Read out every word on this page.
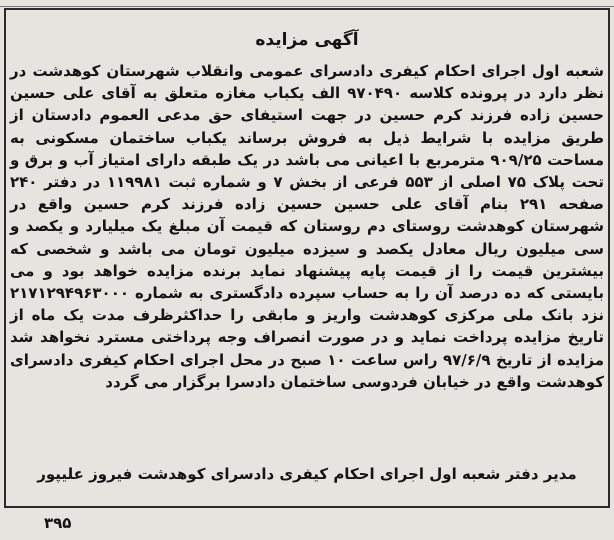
آگهی مزایده

شعبه اول اجرای احکام کیفری دادسرای عمومی وانقلاب شهرستان کوهدشت در نظر دارد در پرونده کلاسه ۹۷۰۴۹۰ الف یکباب مغازه متعلق به آقای علی حسین حسین زاده فرزند کرم حسین در جهت استیفای حق مدعی العموم دادستان از طریق مزایده با شرایط ذیل به فروش برساند یکباب ساختمان مسکونی به مساحت ۹۰۹/۲۵ مترمربع با اعیانی می باشد در یک طبقه دارای امتیاز آب و برق و تحت پلاک ۷۵ اصلی از ۵۵۳ فرعی از بخش ۷ و شماره ثبت ۱۱۹۹۸۱ در دفتر ۲۴۰ صفحه ۲۹۱ بنام آقای علی حسین حسین زاده فرزند کرم حسین واقع در شهرستان کوهدشت روستای دم روستان که قیمت آن مبلغ یک میلیارد و یکصد و سی میلیون ریال معادل یکصد و سیزده میلیون تومان می باشد و شخصی که بیشترین قیمت را از قیمت پایه پیشنهاد نماید برنده مزایده خواهد بود و می بایستی که ده درصد آن را به حساب سپرده دادگستری به شماره ۲۱۷۱۲۹۴۹۶۳۰۰۰ نزد بانک ملی مرکزی کوهدشت واریز و مابقی را حداکثرظرف مدت یک ماه از تاریخ مزایده پرداخت نماید و در صورت انصراف وجه پرداختی مسترد نخواهد شد مزایده از تاریخ ۹۷/۶/۹ راس ساعت ۱۰ صبح در محل اجرای احکام کیفری دادسرای کوهدشت واقع در خیابان فردوسی ساختمان دادسرا برگزار می گردد

مدیر دفتر شعبه اول اجرای احکام کیفری دادسرای کوهدشت فیروز علیپور
۳۹۵
